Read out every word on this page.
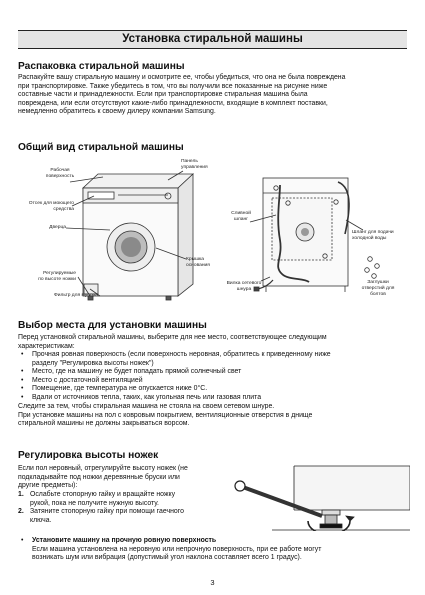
Установка стиральной машины
Распаковка стиральной машины
Распакуйте вашу стиральную машину и осмотрите ее, чтобы убедиться, что она не была повреждена
при транспортировке. Также убедитесь в том, что вы получили все показанные на рисунке ниже
составные части и принадлежности. Если при транспортировке стиральная машина была
повреждена, или если отсутствуют какие-либо принадлежности, входящие в комплект поставки,
немедленно обратитесь к своему дилеру компании Samsung.
Общий вид стиральной машины
Рабочая
поверхность
Панель
управления
Отсек для моющего
средства
Дверца
Регулируемые
по высоте ножки
Фильтр для мусора
Крышка
основания
Сливной
шланг
Вилка сетевого
шнура
Шланг для подачи
холодной воды
Заглушки
отверстий для
болтов
Выбор места для установки машины
Перед установкой стиральной машины, выберите для нее место, соответствующее следующим
характеристикам:
•	Прочная ровная поверхность (если поверхность неровная, обратитесь к приведенному ниже
разделу "Регулировка высоты ножек")
•	Место, где на машину не будет попадать прямой солнечный свет
•	Место с достаточной вентиляцией
•	Помещение, где температура не опускается ниже 0°C.
•	Вдали от источников тепла, таких, как угольная печь или газовая плита
Следите за тем, чтобы стиральная машина не стояла на своем сетевом шнуре.
При установке машины на пол с ковровым покрытием, вентиляционные отверстия в днище
стиральной машины не должны закрываться ворсом.
Регулировка высоты ножек
Если пол неровный, отрегулируйте высоту ножек (не
подкладывайте под ножки деревянные бруски или
другие предметы):
1. Ослабьте стопорную гайку и вращайте ножку
рукой, пока не получите нужную высоту.
2. Затяните стопорную гайку при помощи гаечного
ключа.
•	Установите машину на прочную ровную поверхность
Если машина установлена на неровную или непрочную поверхность, при ее работе могут
возникать шум или вибрация (допустимый угол наклона составляет всего 1 градус).
3
